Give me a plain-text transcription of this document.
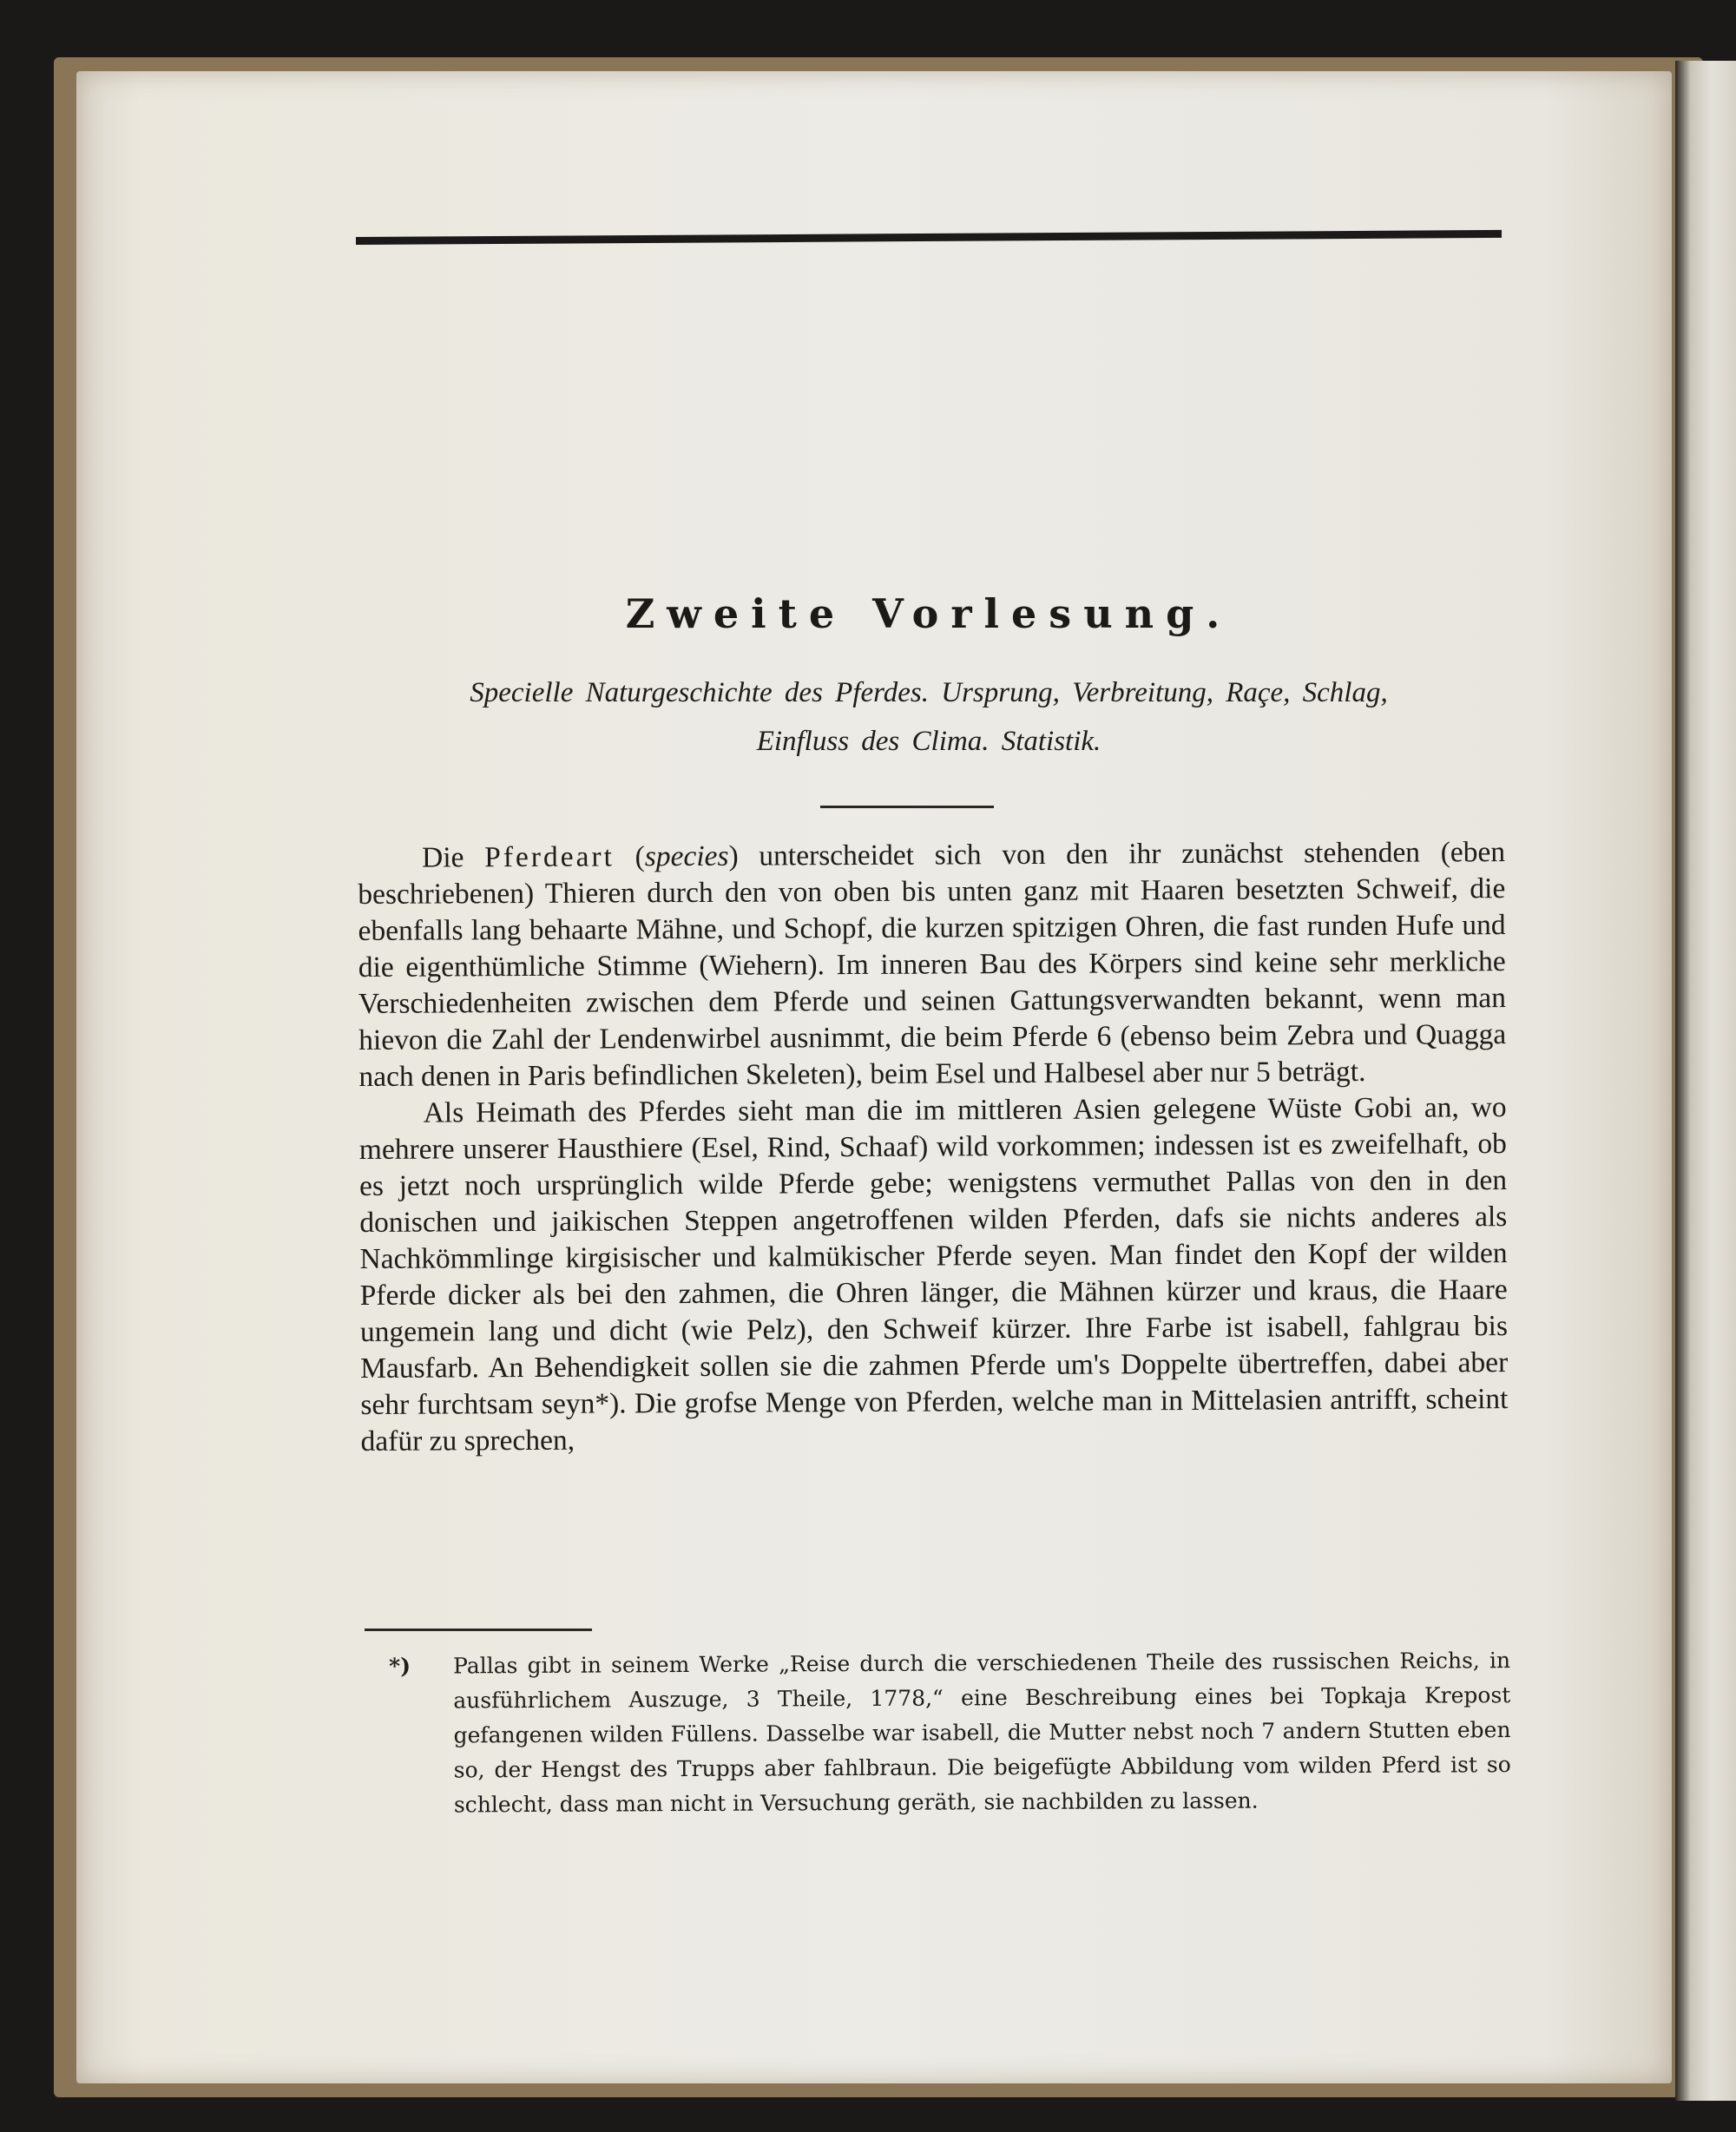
Zweite Vorlesung.
Specielle Naturgeschichte des Pferdes. Ursprung, Verbreitung, Raçe, Schlag,
Einfluss des Clima. Statistik.

Die Pferdeart (species) unterscheidet sich von den ihr zunächst stehenden (eben beschriebenen) Thieren durch den von oben bis unten ganz mit Haaren besetzten Schweif, die ebenfalls lang behaarte Mähne, und Schopf, die kurzen spitzigen Ohren, die fast runden Hufe und die eigenthümliche Stimme (Wiehern). Im inneren Bau des Körpers sind keine sehr merkliche Verschiedenheiten zwischen dem Pferde und seinen Gattungsverwandten bekannt, wenn man hievon die Zahl der Lendenwirbel ausnimmt, die beim Pferde 6 (ebenso beim Zebra und Quagga nach denen in Paris befindlichen Skeleten), beim Esel und Halbesel aber nur 5 beträgt.

Als Heimath des Pferdes sieht man die im mittleren Asien gelegene Wüste Gobi an, wo mehrere unserer Hausthiere (Esel, Rind, Schaaf) wild vorkommen; indessen ist es zweifelhaft, ob es jetzt noch ursprünglich wilde Pferde gebe; wenigstens vermuthet Pallas von den in den donischen und jaikischen Steppen angetroffenen wilden Pferden, dafs sie nichts anderes als Nachkömmlinge kirgisischer und kalmükischer Pferde seyen. Man findet den Kopf der wilden Pferde dicker als bei den zahmen, die Ohren länger, die Mähnen kürzer und kraus, die Haare ungemein lang und dicht (wie Pelz), den Schweif kürzer. Ihre Farbe ist isabell, fahlgrau bis Mausfarb. An Behendigkeit sollen sie die zahmen Pferde um's Doppelte übertreffen, dabei aber sehr furchtsam seyn*). Die grofse Menge von Pferden, welche man in Mittelasien antrifft, scheint dafür zu sprechen,

*) Pallas gibt in seinem Werke „Reise durch die verschiedenen Theile des russischen Reichs, in ausführlichem Auszuge, 3 Theile, 1778,“ eine Beschreibung eines bei Topkaja Krepost gefangenen wilden Füllens. Dasselbe war isabell, die Mutter nebst noch 7 andern Stutten eben so, der Hengst des Trupps aber fahlbraun. Die beigefügte Abbildung vom wilden Pferd ist so schlecht, dass man nicht in Versuchung geräth, sie nachbilden zu lassen.
